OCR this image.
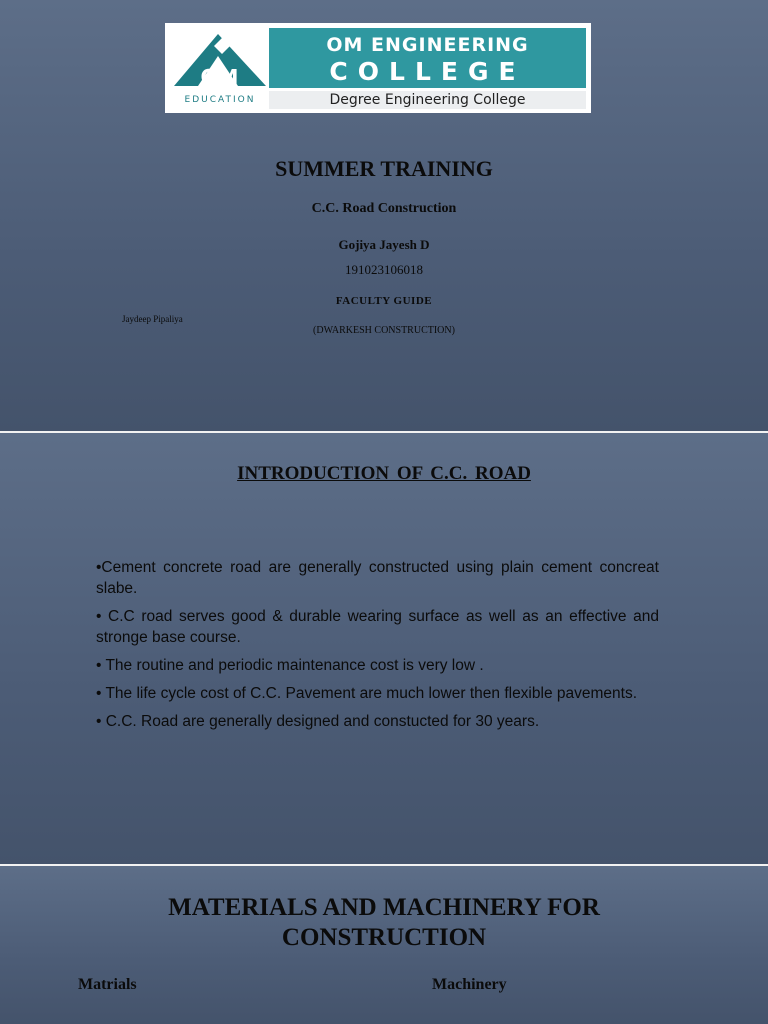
OM
EDUCATION
OM ENGINEERING
COLLEGE
Degree Engineering College
SUMMER TRAINING
C.C. Road Construction
Gojiya Jayesh D
191023106018
FACULTY GUIDE
Jaydeep Pipaliya
(DWARKESH CONSTRUCTION)
INTRODUCTION OF C.C. ROAD

•Cement concrete road are generally constructed using plain cement concreat slabe.

• C.C road serves good & durable wearing surface as well as an effective and stronge base course.

• The routine and periodic maintenance cost is very low .

• The life cycle cost of C.C. Pavement are much lower then flexible pavements.

• C.C. Road are generally designed and constucted for 30 years.

MATERIALS AND MACHINERY FOR
CONSTRUCTION
Matrials	Machinery
